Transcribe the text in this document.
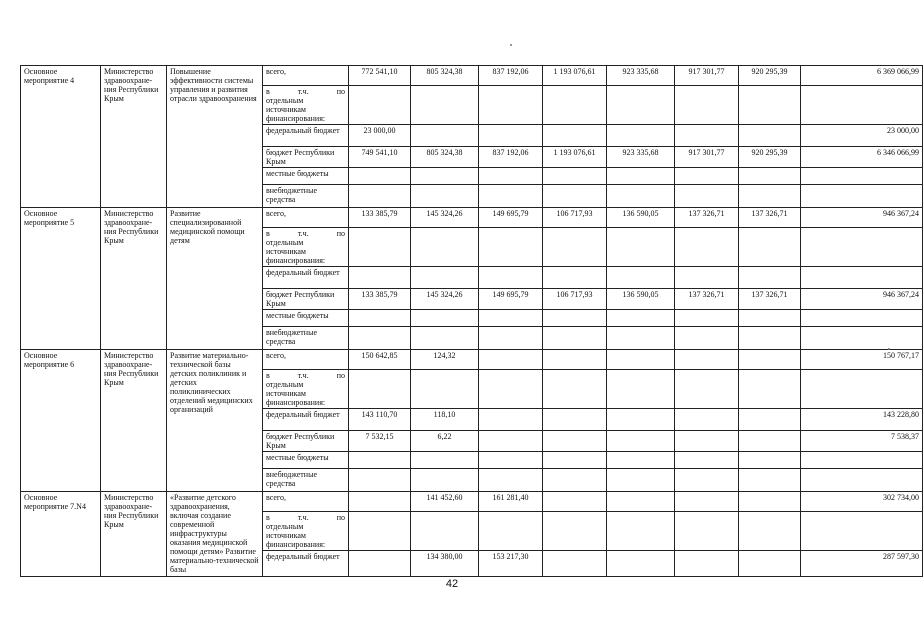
Основное мероприятие 4	Министерство здравоохране-ния Республики Крым	Повышение эффективности системы управления и развития отрасли здравоохранения	всего,	772 541,10	805 324,38	837 192,06	1 193 076,61	923 335,68	917 301,77	920 295,39	6 369 066,99

			в т.ч. по
отдельным источникам финансирования:								

			федеральный бюджет	23 000,00							23 000,00
			бюджет Республики Крым	749 541,10	805 324,38	837 192,06	1 193 076,61	923 335,68	917 301,77	920 295,39	6 346 066,99
			местные бюджеты								
			внебюджетные средства								
Основное мероприятие 5	Министерство здравоохране-ния Республики Крым	Развитие специализированной медицинской помощи детям	всего,	133 385,79	145 324,26	149 695,79	106 717,93	136 590,05	137 326,71	137 326,71	946 367,24

			в т.ч. по
отдельным источникам финансирования:								

			федеральный бюджет								
			бюджет Республики Крым	133 385,79	145 324,26	149 695,79	106 717,93	136 590,05	137 326,71	137 326,71	946 367,24
			местные бюджеты								
			внебюджетные средства								
Основное мероприятие 6	Министерство здравоохране-ния Республики Крым	Развитие материально-технической базы детских поликлиник и детских поликлинических отделений медицинских организаций	всего,	150 642,85	124,32						150 767,17

			в т.ч. по
отдельным источникам финансирования:								

			федеральный бюджет	143 110,70	118,10						143 228,80
			бюджет Республики Крым	7 532,15	6,22						7 538,37
			местные бюджеты								
			внебюджетные средства								
Основное мероприятие 7.N4	Министерство здравоохране-ния Республики Крым	«Развитие детского здравоохранения, включая создание современной инфраструктуры оказания медицинской помощи детям» Развитие материально-технической базы	всего,		141 452,60	161 281,40					302 734,00

			в т.ч. по
отдельным источникам финансирования:								

			федеральный бюджет		134 380,00	153 217,30					287 597,30
42
